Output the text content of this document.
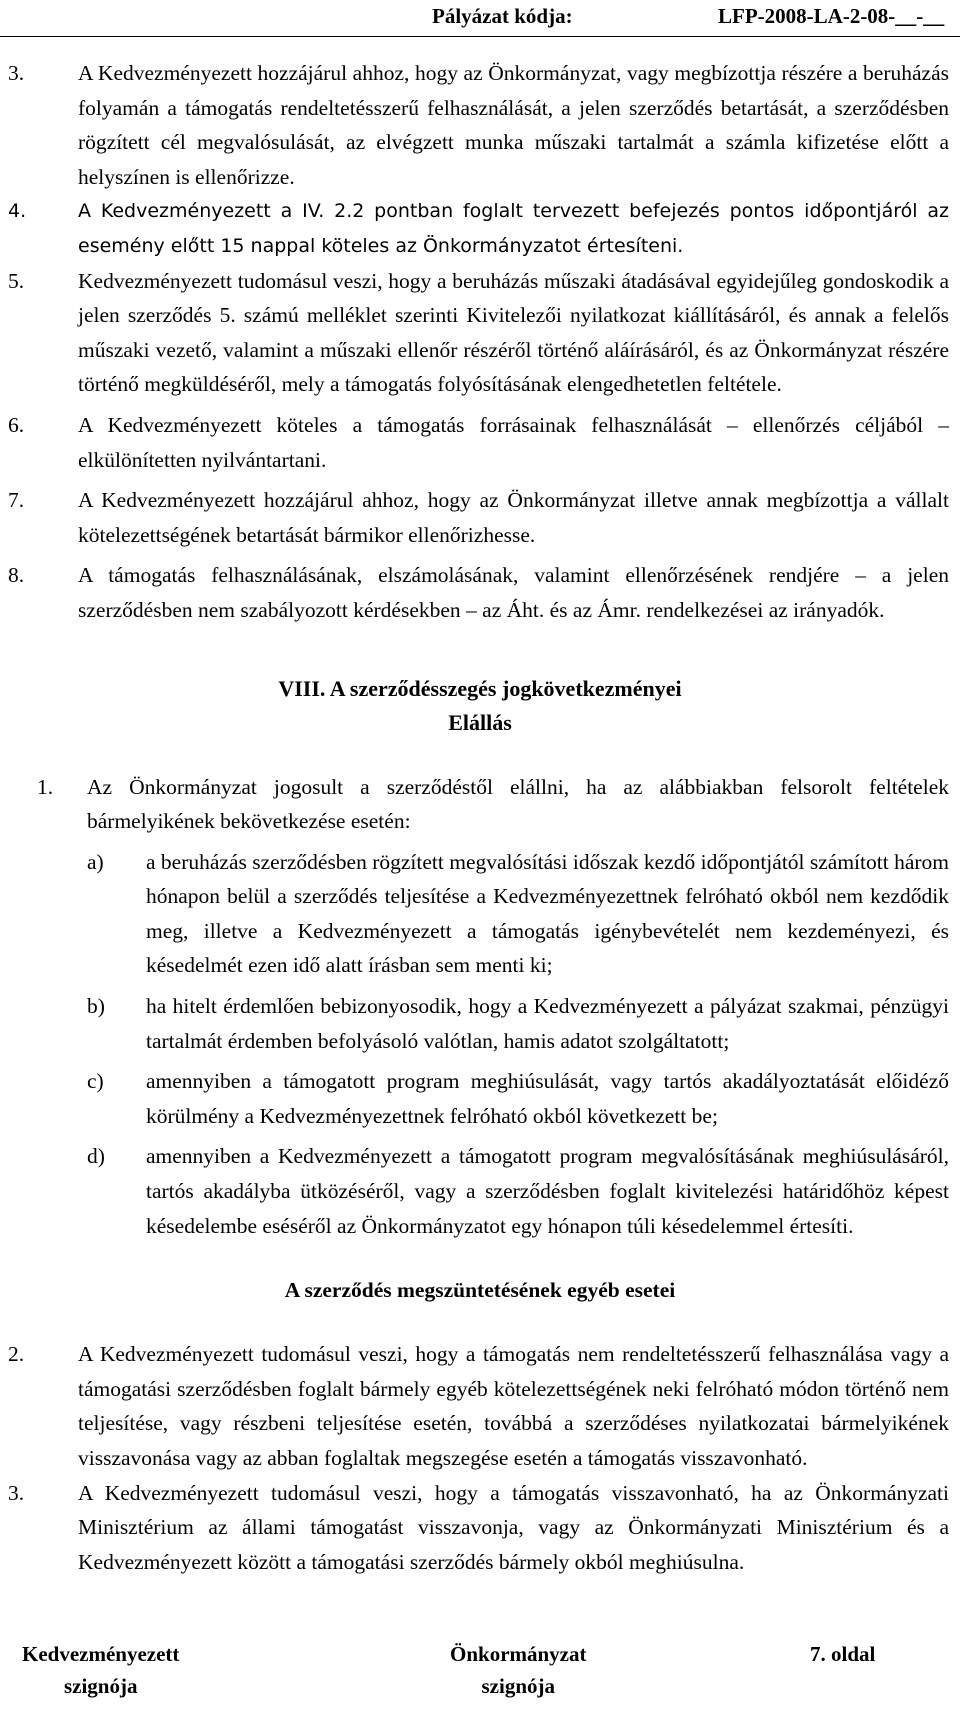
Pályázat kódja:	LFP-2008-LA-2-08-__-__
3.	A Kedvezményezett hozzájárul ahhoz, hogy az Önkormányzat, vagy megbízottja részére a beruházás folyamán a támogatás rendeltetésszerű felhasználását, a jelen szerződés betartását, a szerződésben rögzített cél megvalósulását, az elvégzett munka műszaki tartalmát a számla kifizetése előtt a helyszínen is ellenőrizze.
4.	A Kedvezményezett a IV. 2.2 pontban foglalt tervezett befejezés pontos időpontjáról az esemény előtt 15 nappal köteles az Önkormányzatot értesíteni.
5.	Kedvezményezett tudomásul veszi, hogy a beruházás műszaki átadásával egyidejűleg gondoskodik a jelen szerződés 5. számú melléklet szerinti Kivitelezői nyilatkozat kiállításáról, és annak a felelős műszaki vezető, valamint a műszaki ellenőr részéről történő aláírásáról, és az Önkormányzat részére történő megküldéséről, mely a támogatás folyósításának elengedhetetlen feltétele.
6.	A Kedvezményezett köteles a támogatás forrásainak felhasználását – ellenőrzés céljából – elkülönítetten nyilvántartani.
7.	A Kedvezményezett hozzájárul ahhoz, hogy az Önkormányzat illetve annak megbízottja a vállalt kötelezettségének betartását bármikor ellenőrizhesse.
8.	A támogatás felhasználásának, elszámolásának, valamint ellenőrzésének rendjére – a jelen szerződésben nem szabályozott kérdésekben – az Áht. és az Ámr. rendelkezései az irányadók.

VIII. A szerződésszegés jogkövetkezményei

Elállás

1. Az Önkormányzat jogosult a szerződéstől elállni, ha az alábbiakban felsorolt feltételek bármelyikének bekövetkezése esetén:
a) a beruházás szerződésben rögzített megvalósítási időszak kezdő időpontjától számított három hónapon belül a szerződés teljesítése a Kedvezményezettnek felróható okból nem kezdődik meg, illetve a Kedvezményezett a támogatás igénybevételét nem kezdeményezi, és késedelmét ezen idő alatt írásban sem menti ki;
b) ha hitelt érdemlően bebizonyosodik, hogy a Kedvezményezett a pályázat szakmai, pénzügyi tartalmát érdemben befolyásoló valótlan, hamis adatot szolgáltatott;
c) amennyiben a támogatott program meghiúsulását, vagy tartós akadályoztatását előidéző körülmény a Kedvezményezettnek felróható okból következett be;
d) amennyiben a Kedvezményezett a támogatott program megvalósításának meghiúsulásáról, tartós akadályba ütközéséről, vagy a szerződésben foglalt kivitelezési határidőhöz képest késedelembe eséséről az Önkormányzatot egy hónapon túli késedelemmel értesíti.

A szerződés megszüntetésének egyéb esetei

2.	A Kedvezményezett tudomásul veszi, hogy a támogatás nem rendeltetésszerű felhasználása vagy a támogatási szerződésben foglalt bármely egyéb kötelezettségének neki felróható módon történő nem teljesítése, vagy részbeni teljesítése esetén, továbbá a szerződéses nyilatkozatai bármelyikének visszavonása vagy az abban foglaltak megszegése esetén a támogatás visszavonható.
3.	A Kedvezményezett tudomásul veszi, hogy a támogatás visszavonható, ha az Önkormányzati Minisztérium az állami támogatást visszavonja, vagy az Önkormányzati Minisztérium és a Kedvezményezett között a támogatási szerződés bármely okból meghiúsulna.
Kedvezményezett
szignója
Önkormányzat
szignója
7. oldal
